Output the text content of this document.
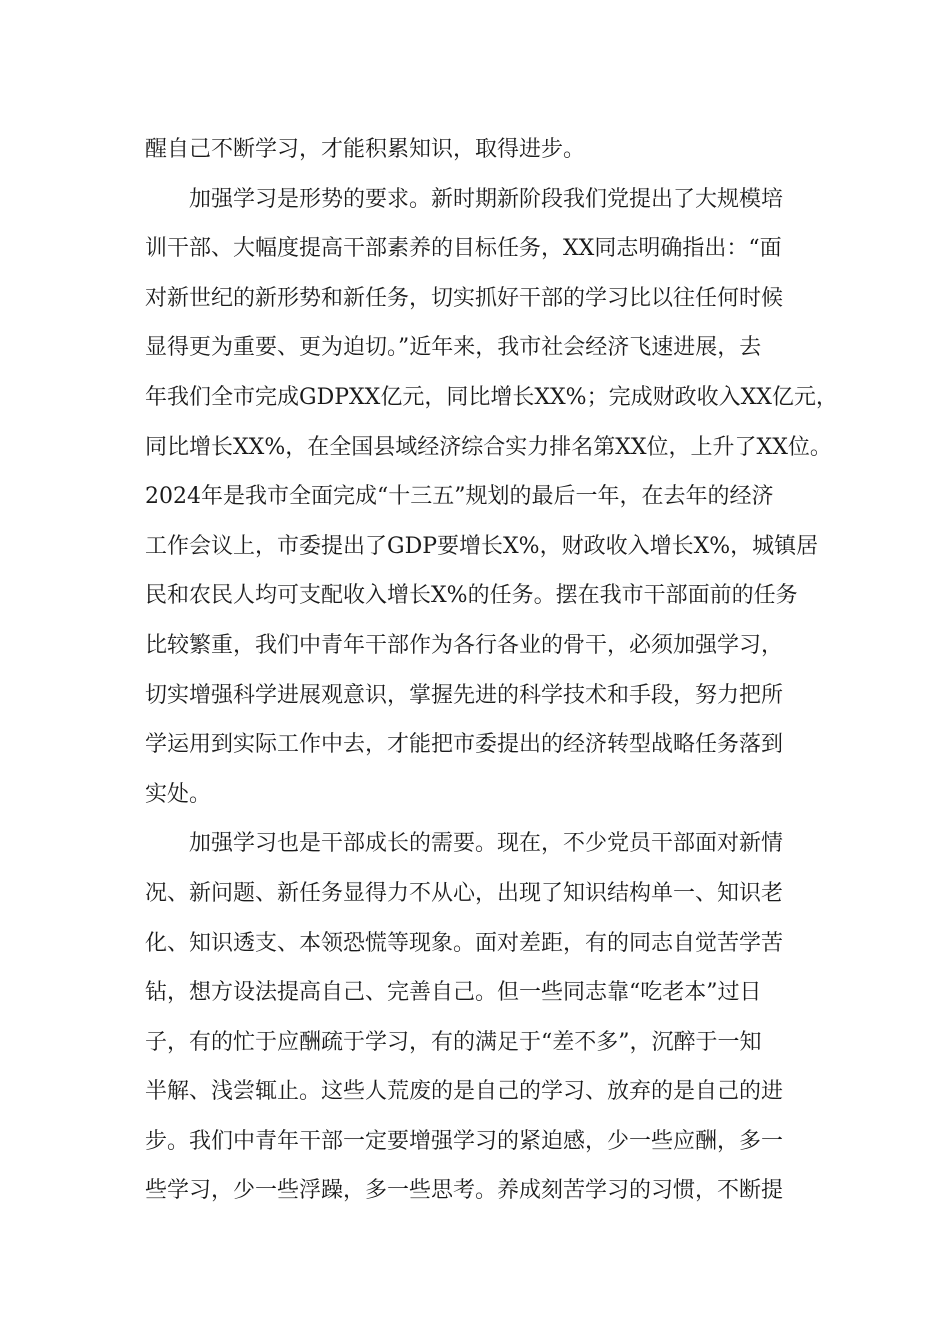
醒自己不断学习，才能积累知识，取得进步。
加强学习是形势的要求。新时期新阶段我们党提出了大规模培
训干部、大幅度提高干部素养的目标任务，XX同志明确指出：“面
对新世纪的新形势和新任务，切实抓好干部的学习比以往任何时候
显得更为重要、更为迫切。”近年来，我市社会经济飞速进展，去
年我们全市完成GDPXX亿元，同比增长XX%；完成财政收入XX亿元，
同比增长XX%，在全国县域经济综合实力排名第XX位，上升了XX位。
2024年是我市全面完成“十三五”规划的最后一年，在去年的经济
工作会议上，市委提出了GDP要增长X%，财政收入增长X%，城镇居
民和农民人均可支配收入增长X%的任务。摆在我市干部面前的任务
比较繁重，我们中青年干部作为各行各业的骨干，必须加强学习，
切实增强科学进展观意识，掌握先进的科学技术和手段，努力把所
学运用到实际工作中去，才能把市委提出的经济转型战略任务落到
实处。
加强学习也是干部成长的需要。现在，不少党员干部面对新情
况、新问题、新任务显得力不从心，出现了知识结构单一、知识老
化、知识透支、本领恐慌等现象。面对差距，有的同志自觉苦学苦
钻，想方设法提高自己、完善自己。但一些同志靠“吃老本”过日
子，有的忙于应酬疏于学习，有的满足于“差不多”，沉醉于一知
半解、浅尝辄止。这些人荒废的是自己的学习、放弃的是自己的进
步。我们中青年干部一定要增强学习的紧迫感，少一些应酬，多一
些学习，少一些浮躁，多一些思考。养成刻苦学习的习惯，不断提
